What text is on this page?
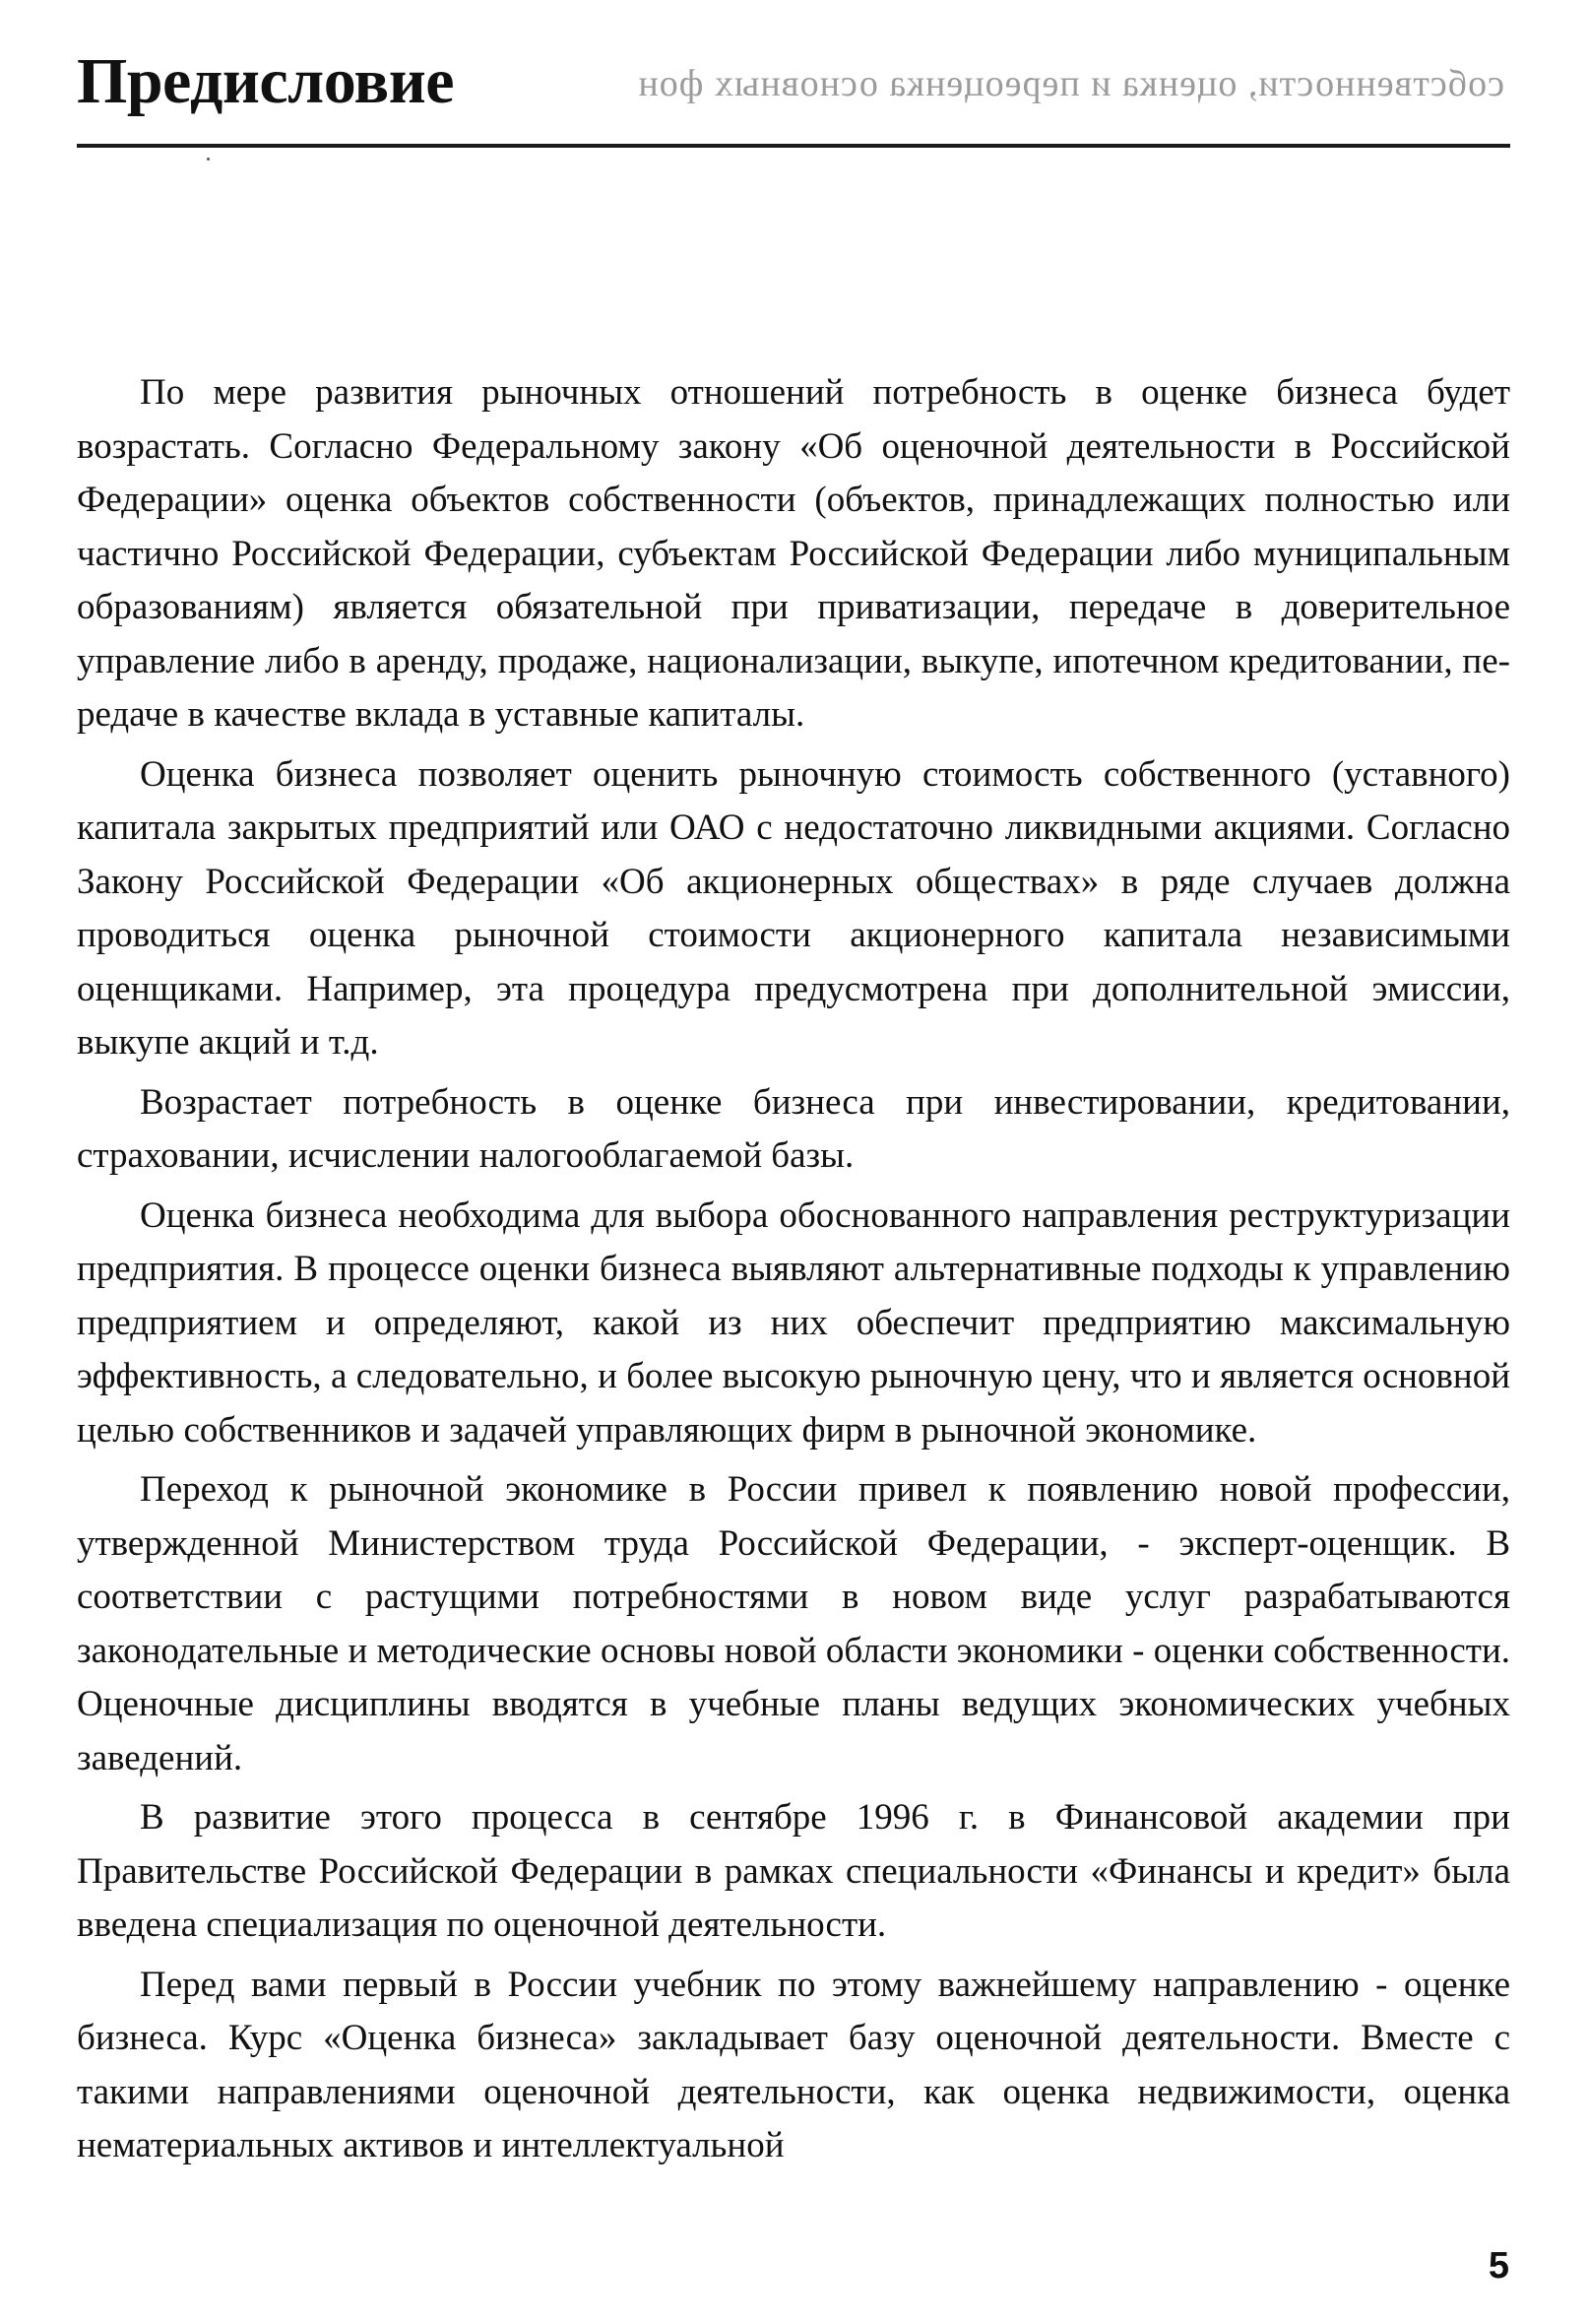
Предисловие	собственности, оценка и переоценка основных фон

По мере развития рыночных отношений потребность в оценке бизнеса будет возрастать. Согласно Федеральному закону «Об оценочной деятельности в Российской Федерации» оценка объектов собственности (объектов, принадлежащих полностью или частично Российской Федерации, субъектам Российской Федерации либо муниципальным образованиям) является обязательной при приватизации, передаче в доверительное управление либо в аренду, продаже, национализации, выкупе, ипотечном кредитовании, передаче в качестве вклада в уставные капиталы.

Оценка бизнеса позволяет оценить рыночную стоимость собственного (уставного) капитала закрытых предприятий или ОАО с недостаточно ликвидными акциями. Согласно Закону Российской Федерации «Об акционерных обществах» в ряде случаев должна проводиться оценка рыночной стоимости акционерного капитала независимыми оценщиками. Например, эта процедура предусмотрена при дополнительной эмиссии, выкупе акций и т.д.

Возрастает потребность в оценке бизнеса при инвестировании, кредитовании, страховании, исчислении налогооблагаемой базы.

Оценка бизнеса необходима для выбора обоснованного направления реструктуризации предприятия. В процессе оценки бизнеса выявляют альтернативные подходы к управлению предприятием и определяют, какой из них обеспечит предприятию максимальную эффективность, а следовательно, и более высокую рыночную цену, что и является основной целью собственников и задачей управляющих фирм в рыночной экономике.

Переход к рыночной экономике в России привел к появлению новой профессии, утвержденной Министерством труда Российской Федерации, - эксперт-оценщик. В соответствии с растущими потребностями в новом виде услуг разрабатываются законодательные и методические основы новой области экономики - оценки собственности. Оценочные дисциплины вводятся в учебные планы ведущих экономических учебных заведений.

В развитие этого процесса в сентябре 1996 г. в Финансовой академии при Правительстве Российской Федерации в рамках специальности «Финансы и кредит» была введена специализация по оценочной деятельности.

Перед вами первый в России учебник по этому важнейшему направлению - оценке бизнеса. Курс «Оценка бизнеса» закладывает базу оценочной деятельности. Вместе с такими направлениями оценочной деятельности, как оценка недвижимости, оценка нематериальных активов и интеллектуальной

5
